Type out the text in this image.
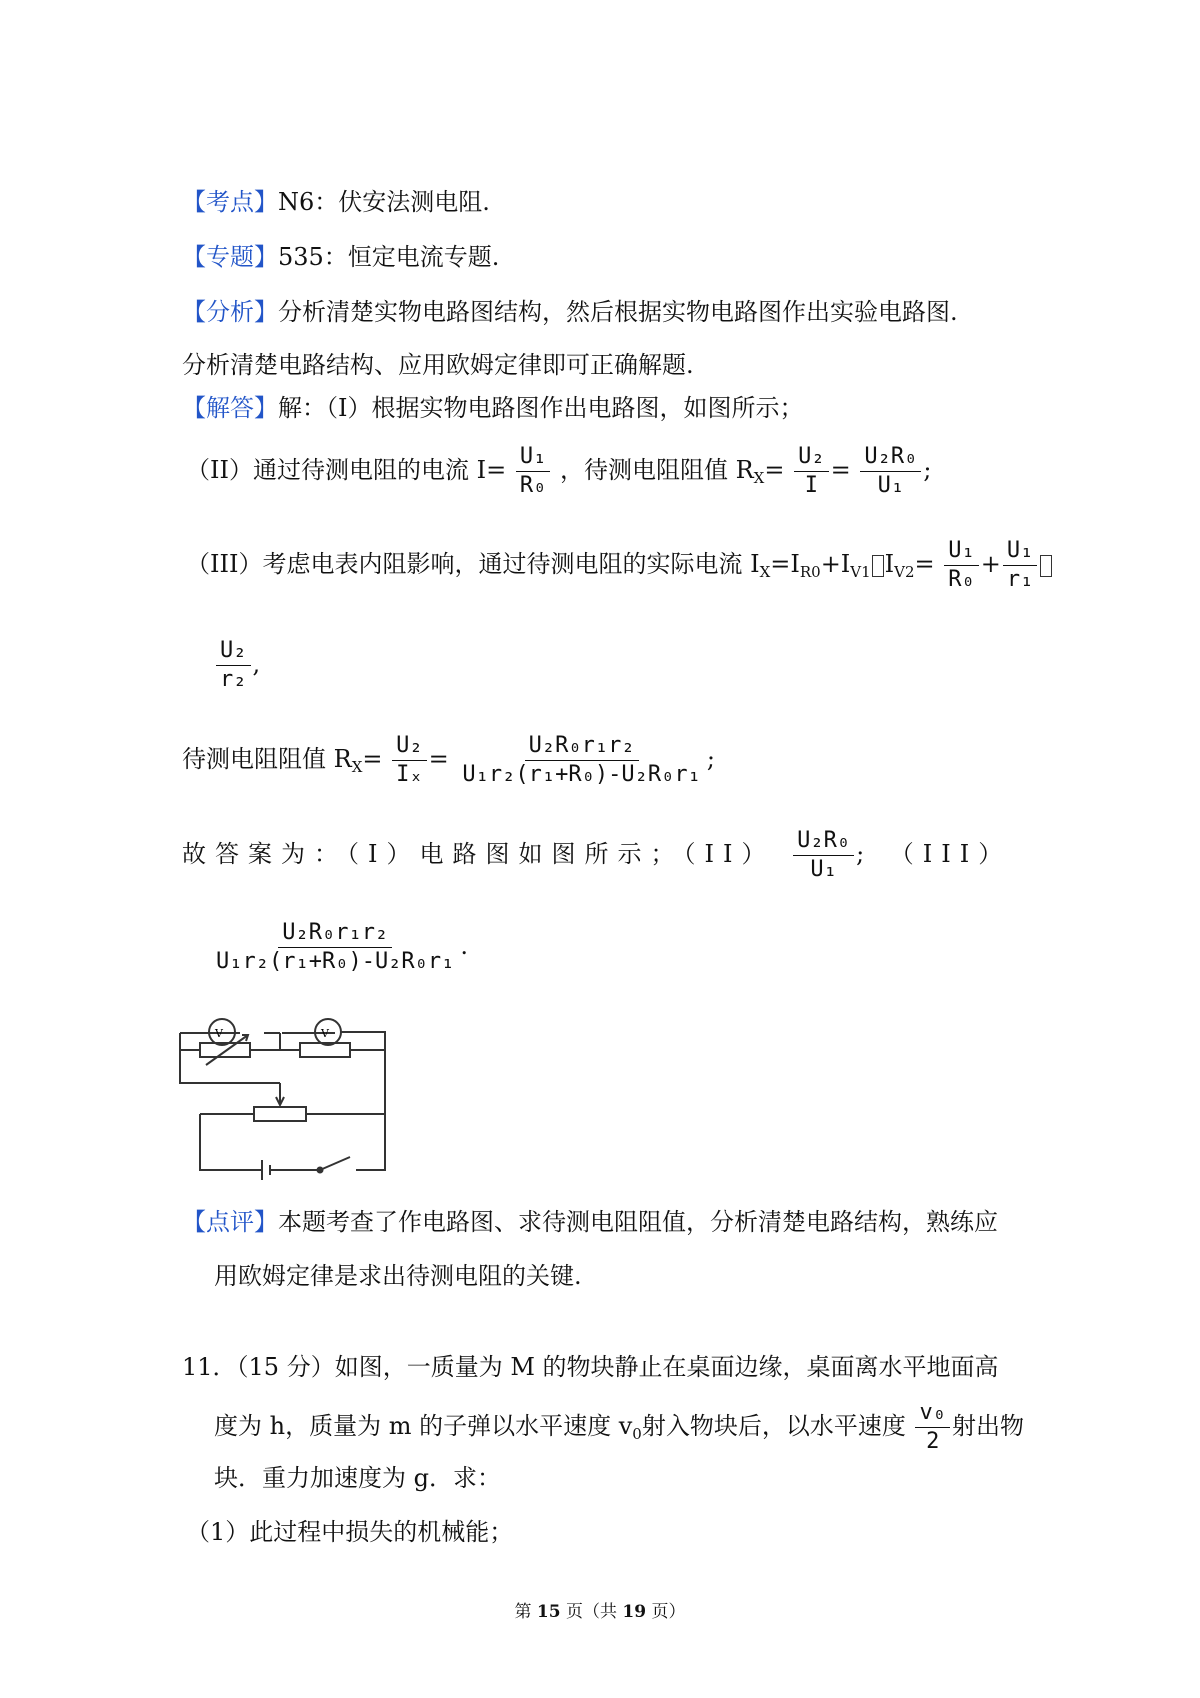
【考点】N6：伏安法测电阻.
【专题】535：恒定电流专题.
【分析】分析清楚实物电路图结构，然后根据实物电路图作出实验电路图.
分析清楚电路结构、应用欧姆定律即可正确解题.
【解答】解：（I）根据实物电路图作出电路图，如图所示；
（II）通过待测电阻的电流 $I= \frac{\text{U₁}}{\text{R₀}}$ ，待测电阻阻值 $R_X= \frac{\text{U₂}}{I} = \frac{\text{U₂R₀}}{\text{U₁}}$ ;
（III）考虑电表内阻影响，通过待测电阻的实际电流 $I_X=I_{R0}+I_{V1}$ $I_{V2}= \frac{\text{U₁}}{\text{R₀}} + \frac{\text{U₁}}{\text{r₁}}$
$\frac{\text{U₂}}{\text{r₂}}$ ,
待测电阻阻值 $R_X= \frac{\text{U₂}}{\text{Iₓ}} = \frac{\text{U₂R₀r₁r₂}}{\text{U₁r₂(r₁+R₀)-U₂R₀r₁}}$ ;
故答案为：（I）电路图如图所示；$(II) \frac{\text{U₂R₀}}{\text{U₁}}$ ; （III）
$\frac{\text{U₂R₀r₁r₂}}{\text{U₁r₂(r₁+R₀)-U₂R₀r₁}}$ .
V	V
【点评】本题考查了作电路图、求待测电阻阻值，分析清楚电路结构，熟练应
用欧姆定律是求出待测电阻的关键.
11．（15 分）如图，一质量为 M 的物块静止在桌面边缘，桌面离水平地面高
度为 h，质量为 m 的子弹以水平速度 $v_0$射入物块后，以水平速度 $\frac{\text{v₀}}{2}$ 射出物
块．重力加速度为 g．求：
（1）此过程中损失的机械能；
第 15 页（共 19 页）
